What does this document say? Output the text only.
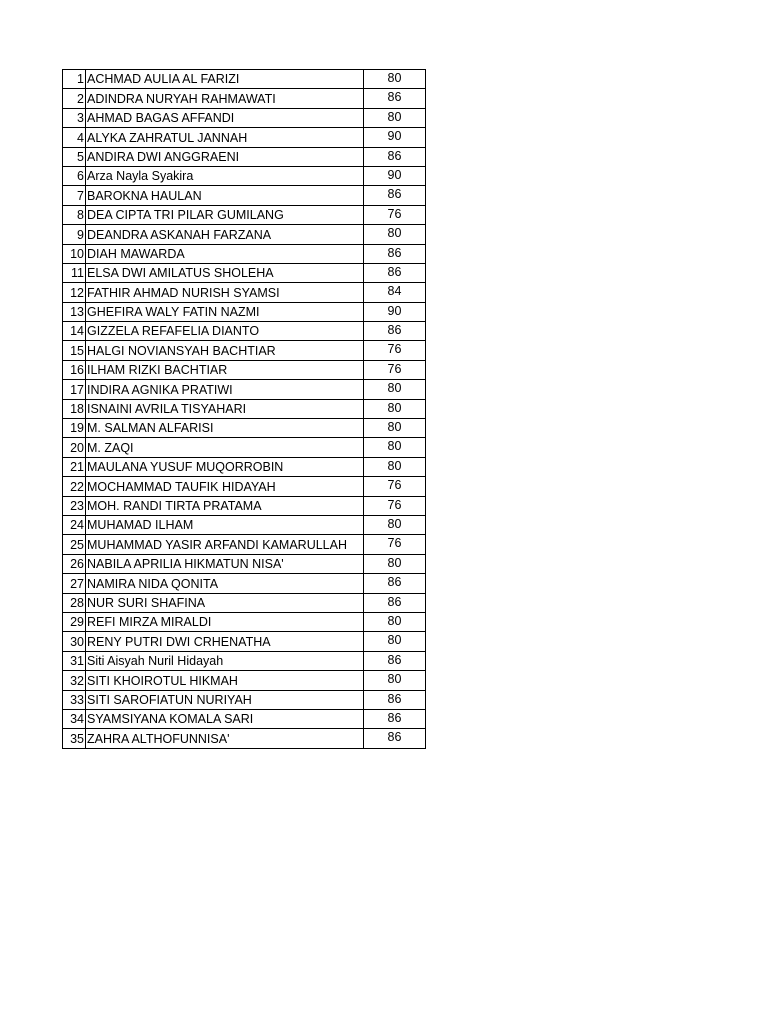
1	ACHMAD AULIA AL FARIZI	80
2	ADINDRA NURYAH RAHMAWATI	86
3	AHMAD BAGAS AFFANDI	80
4	ALYKA ZAHRATUL JANNAH	90
5	ANDIRA DWI ANGGRAENI	86
6	Arza Nayla Syakira	90
7	BAROKNA HAULAN	86
8	DEA CIPTA TRI PILAR GUMILANG	76
9	DEANDRA ASKANAH FARZANA	80
10	DIAH MAWARDA	86
11	ELSA DWI AMILATUS SHOLEHA	86
12	FATHIR AHMAD NURISH SYAMSI	84
13	GHEFIRA WALY FATIN NAZMI	90
14	GIZZELA REFAFELIA DIANTO	86
15	HALGI NOVIANSYAH BACHTIAR	76
16	ILHAM RIZKI BACHTIAR	76
17	INDIRA AGNIKA PRATIWI	80
18	ISNAINI AVRILA TISYAHARI	80
19	M. SALMAN ALFARISI	80
20	M. ZAQI	80
21	MAULANA YUSUF MUQORROBIN	80
22	MOCHAMMAD TAUFIK HIDAYAH	76
23	MOH. RANDI TIRTA PRATAMA	76
24	MUHAMAD ILHAM	80
25	MUHAMMAD YASIR ARFANDI KAMARULLAH	76
26	NABILA APRILIA HIKMATUN NISA'	80
27	NAMIRA NIDA QONITA	86
28	NUR SURI SHAFINA	86
29	REFI MIRZA MIRALDI	80
30	RENY PUTRI DWI CRHENATHA	80
31	Siti Aisyah Nuril Hidayah	86
32	SITI KHOIROTUL HIKMAH	80
33	SITI SAROFIATUN NURIYAH	86
34	SYAMSIYANA KOMALA SARI	86
35	ZAHRA ALTHOFUNNISA'	86
